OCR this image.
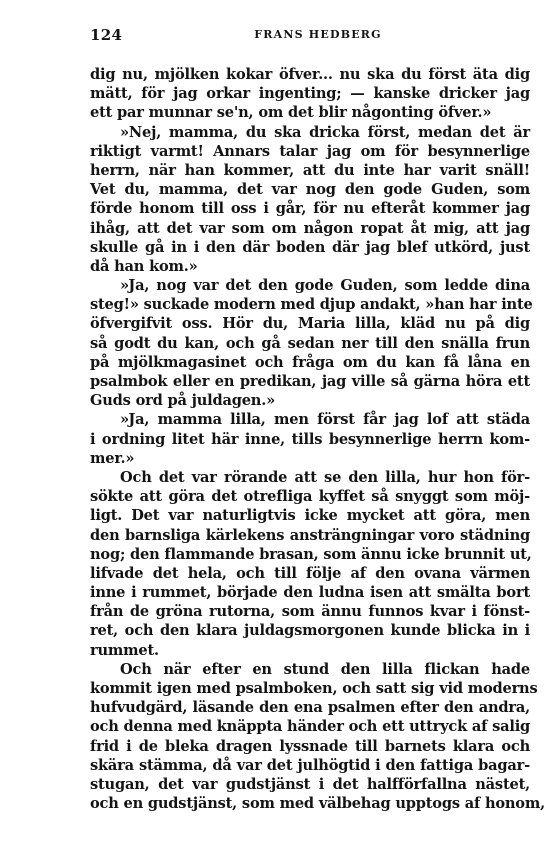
124	FRANS HEDBERG
dig nu, mjölken kokar öfver... nu ska du först äta dig
mätt, för jag orkar ingenting; — kanske dricker jag
ett par munnar se'n, om det blir någonting öfver.»
»Nej, mamma, du ska dricka först, medan det är
riktigt varmt! Annars talar jag om för besynnerlige
herrn, när han kommer, att du inte har varit snäll!
Vet du, mamma, det var nog den gode Guden, som
förde honom till oss i går, för nu efteråt kommer jag
ihåg, att det var som om någon ropat åt mig, att jag
skulle gå in i den där boden där jag blef utkörd, just
då han kom.»
»Ja, nog var det den gode Guden, som ledde dina
steg!» suckade modern med djup andakt, »han har inte
öfvergifvit oss. Hör du, Maria lilla, kläd nu på dig
så godt du kan, och gå sedan ner till den snälla frun
på mjölkmagasinet och fråga om du kan få låna en
psalmbok eller en predikan, jag ville så gärna höra ett
Guds ord på juldagen.»
»Ja, mamma lilla, men först får jag lof att städa
i ordning litet här inne, tills besynnerlige herrn kom-
mer.»
Och det var rörande att se den lilla, hur hon för-
sökte att göra det otrefliga kyffet så snyggt som möj-
ligt. Det var naturligtvis icke mycket att göra, men
den barnsliga kärlekens ansträngningar voro städning
nog; den flammande brasan, som ännu icke brunnit ut,
lifvade det hela, och till följe af den ovana värmen
inne i rummet, började den ludna isen att smälta bort
från de gröna rutorna, som ännu funnos kvar i fönst-
ret, och den klara juldagsmorgonen kunde blicka in i
rummet.
Och när efter en stund den lilla flickan hade
kommit igen med psalmboken, och satt sig vid moderns
hufvudgärd, läsande den ena psalmen efter den andra,
och denna med knäppta händer och ett uttryck af salig
frid i de bleka dragen lyssnade till barnets klara och
skära stämma, då var det julhögtid i den fattiga bagar-
stugan, det var gudstjänst i det halfförfallna nästet,
och en gudstjänst, som med välbehag upptogs af honom,
